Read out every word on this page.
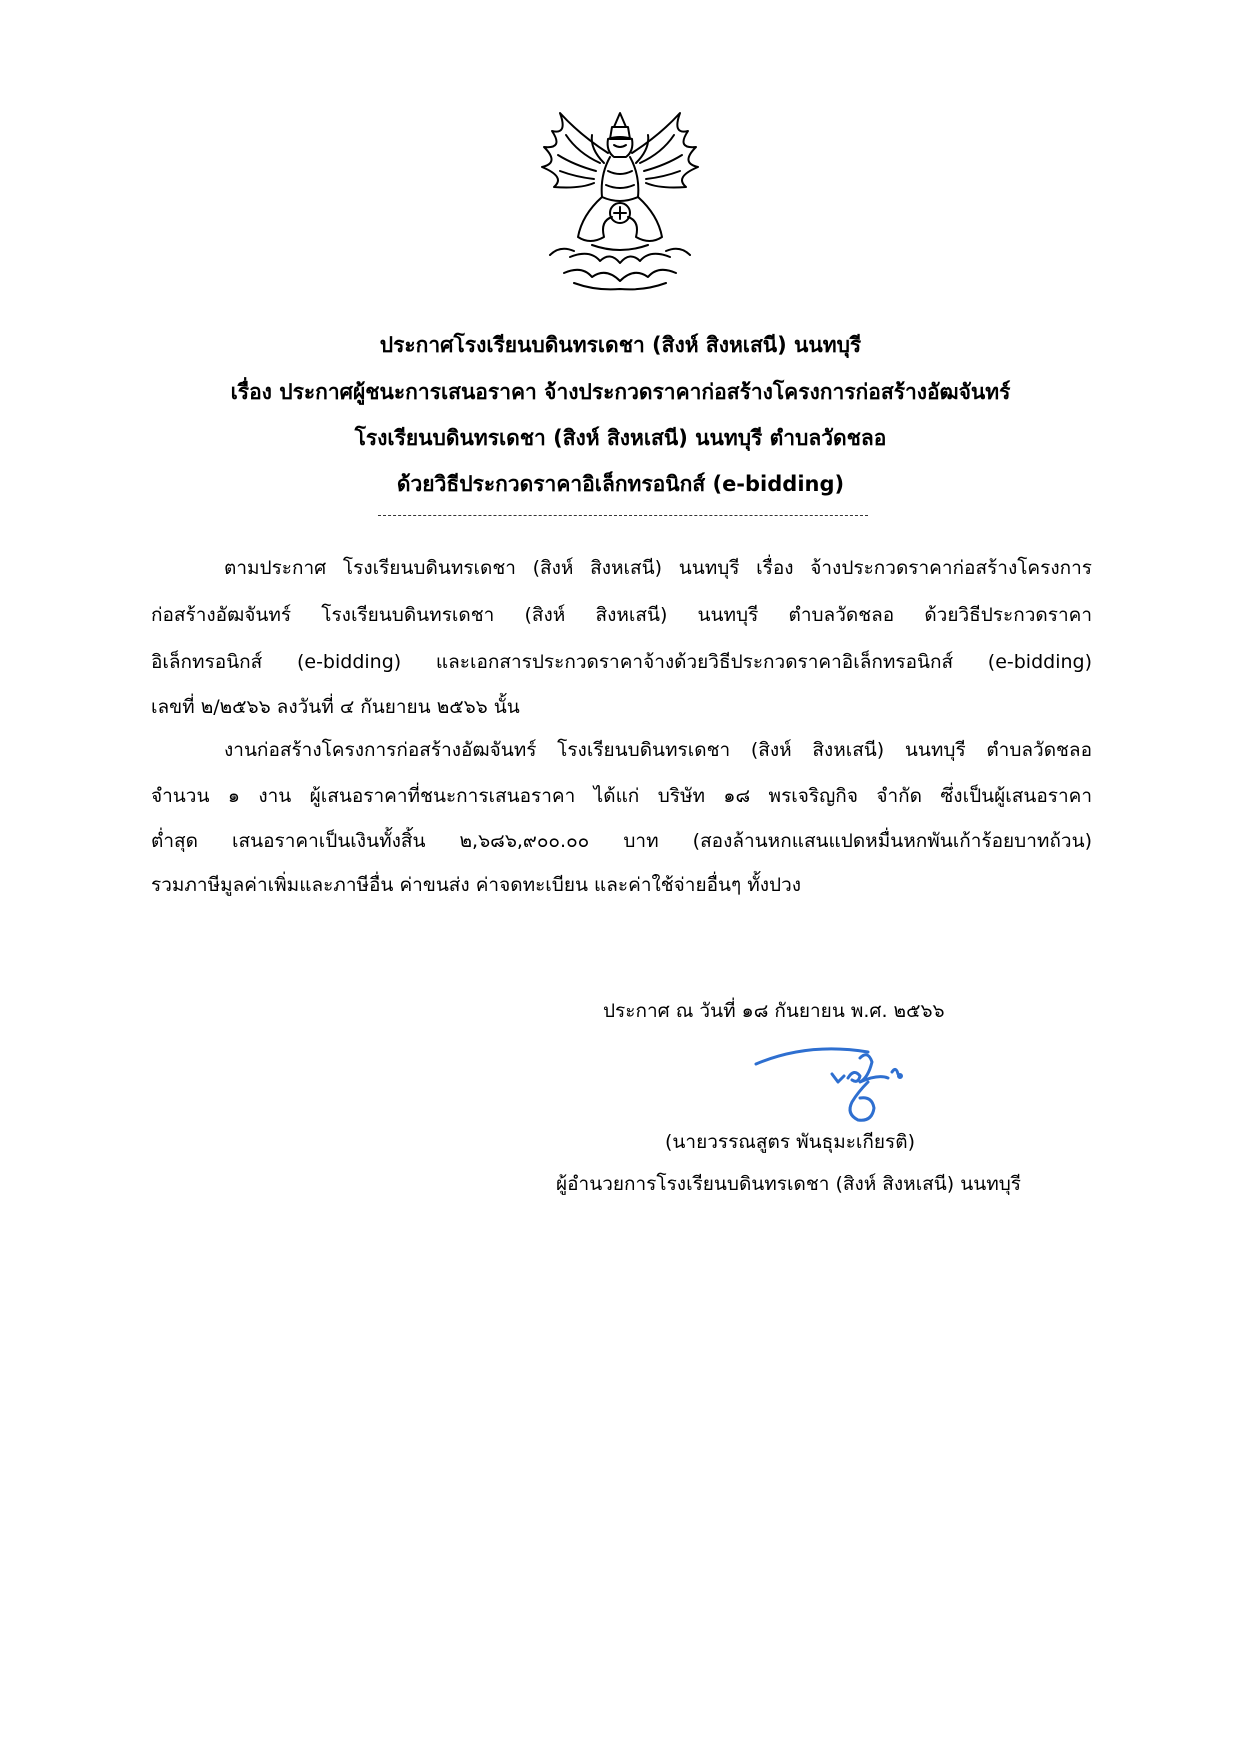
ประกาศโรงเรียนบดินทรเดชา (สิงห์ สิงหเสนี) นนทบุรี
เรื่อง ประกาศผู้ชนะการเสนอราคา จ้างประกวดราคาก่อสร้างโครงการก่อสร้างอัฒจันทร์
โรงเรียนบดินทรเดชา (สิงห์ สิงหเสนี) นนทบุรี ตำบลวัดชลอ
ด้วยวิธีประกวดราคาอิเล็กทรอนิกส์ (e-bidding)
ตามประกาศ โรงเรียนบดินทรเดชา (สิงห์ สิงหเสนี) นนทบุรี เรื่อง จ้างประกวดราคาก่อสร้างโครงการ
ก่อสร้างอัฒจันทร์ โรงเรียนบดินทรเดชา (สิงห์ สิงหเสนี) นนทบุรี ตำบลวัดชลอ ด้วยวิธีประกวดราคา
อิเล็กทรอนิกส์ (e-bidding) และเอกสารประกวดราคาจ้างด้วยวิธีประกวดราคาอิเล็กทรอนิกส์ (e-bidding)
เลขที่ ๒/๒๕๖๖ ลงวันที่ ๔ กันยายน ๒๕๖๖ นั้น
งานก่อสร้างโครงการก่อสร้างอัฒจันทร์ โรงเรียนบดินทรเดชา (สิงห์ สิงหเสนี) นนทบุรี ตำบลวัดชลอ
จำนวน ๑ งาน ผู้เสนอราคาที่ชนะการเสนอราคา ได้แก่ บริษัท ๑๘ พรเจริญกิจ จำกัด ซึ่งเป็นผู้เสนอราคา
ต่ำสุด เสนอราคาเป็นเงินทั้งสิ้น ๒,๖๘๖,๙๐๐.๐๐ บาท (สองล้านหกแสนแปดหมื่นหกพันเก้าร้อยบาทถ้วน)
รวมภาษีมูลค่าเพิ่มและภาษีอื่น ค่าขนส่ง ค่าจดทะเบียน และค่าใช้จ่ายอื่นๆ ทั้งปวง
ประกาศ ณ วันที่ ๑๘ กันยายน พ.ศ. ๒๕๖๖
(นายวรรณสูตร พันธุมะเกียรติ)
ผู้อำนวยการโรงเรียนบดินทรเดชา (สิงห์ สิงหเสนี) นนทบุรี
